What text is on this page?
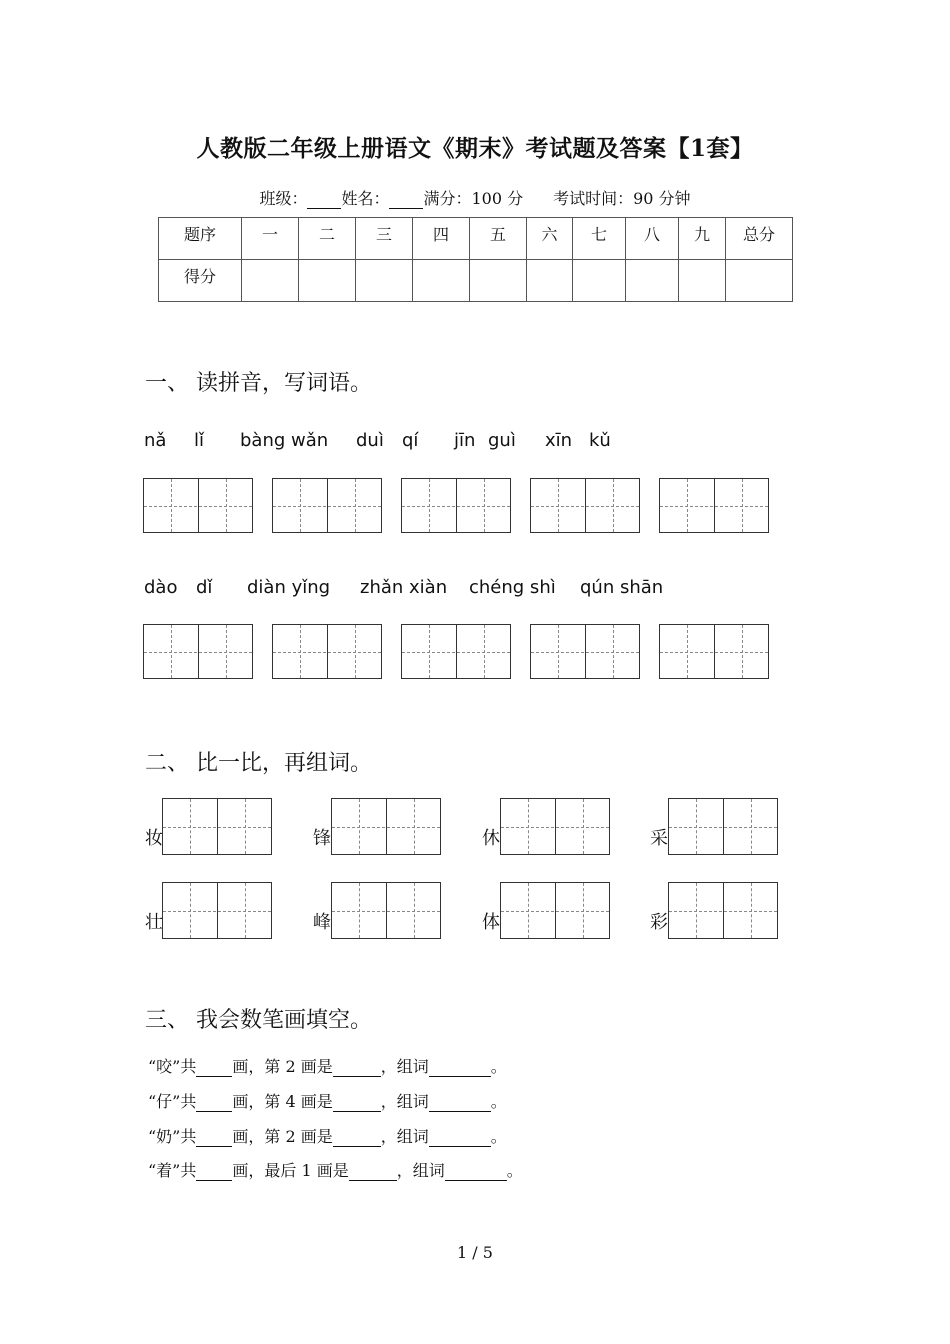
人教版二年级上册语文《期末》考试题及答案【1套】
班级： 姓名： 满分：100 分 考试时间：90 分钟
题序	一	二	三	四	五	六	七	八	九	总分
得分										
一、 读拼音，写词语。
nǎ lǐ bàng wǎn duì qí jīn guì xīn kǔ
dào dǐ diàn yǐng zhǎn xiàn chéng shì qún shān
二、 比一比，再组词。
妆	锋	休	采
壮	峰	体	彩
三、 我会数笔画填空。
“咬”共 画，第 2 画是	，组词	。
“仔”共 画，第 4 画是	，组词	。
“奶”共 画，第 2 画是	，组词	。
“着”共 画，最后 1 画是	，组词	。
1 / 5
